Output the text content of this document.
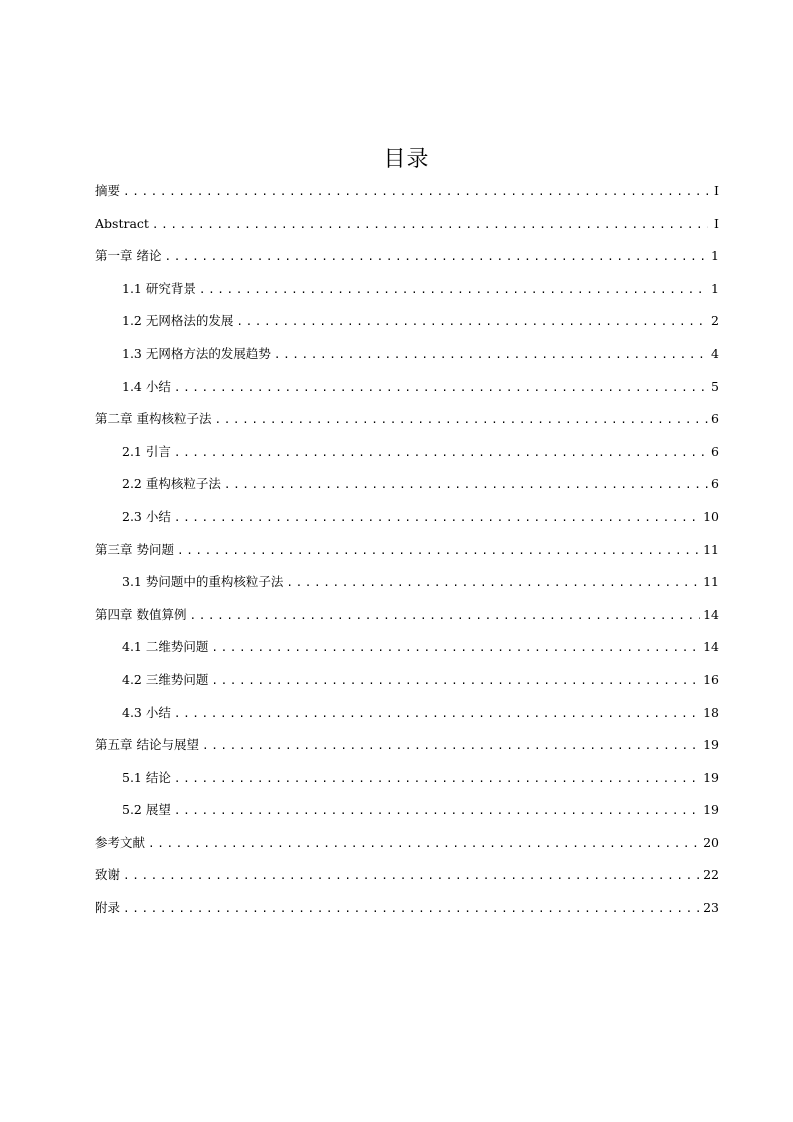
目录
摘要 .....	I
Abstract .....	I
第一章 绪论 .....	1
1.1 研究背景 .....	1
1.2 无网格法的发展 .....	2
1.3 无网格方法的发展趋势 .....	4
1.4 小结 .....	5
第二章 重构核粒子法 .....	6
2.1 引言 .....	6
2.2 重构核粒子法 .....	6
2.3 小结 .....	10
第三章 势问题 .....	11
3.1 势问题中的重构核粒子法 .....	11
第四章 数值算例 .....	14
4.1 二维势问题 .....	14
4.2 三维势问题 .....	16
4.3 小结 .....	18
第五章 结论与展望 .....	19
5.1 结论 .....	19
5.2 展望 .....	19
参考文献 .....	20
致谢 .....	22
附录 .....	23
